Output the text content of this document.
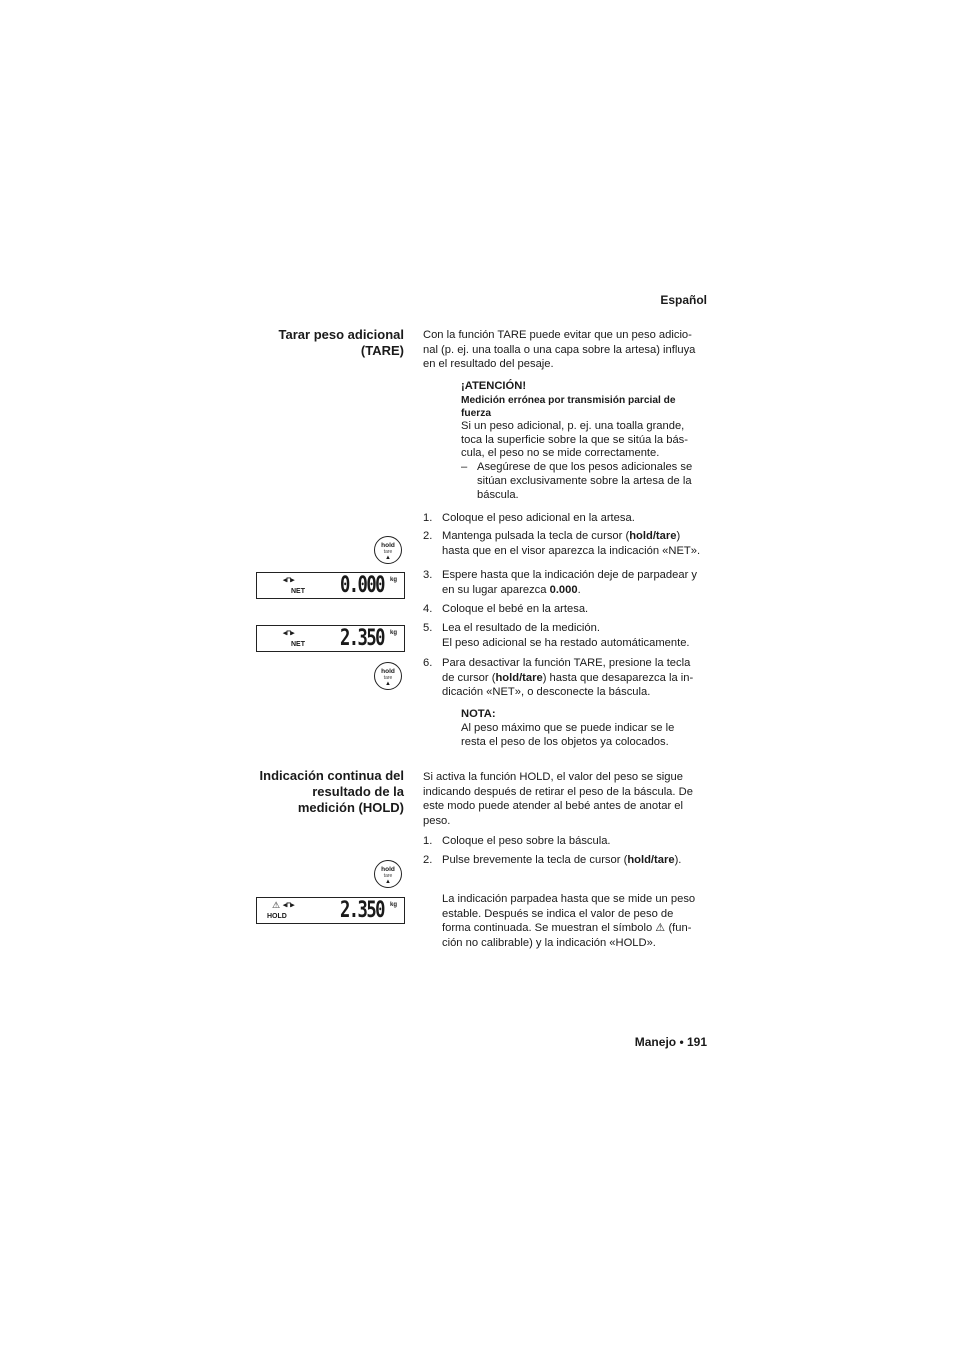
Español
Tarar peso adicional
(TARE)

Con la función TARE puede evitar que un peso adicio-

nal (p. ej. una toalla o una capa sobre la artesa) influya

en el resultado del pesaje.

¡ATENCIÓN!
Medición errónea por transmisión parcial de
fuerza
Si un peso adicional, p. ej. una toalla grande,
toca la superficie sobre la que se sitúa la bás-
cula, el peso no se mide correctamente.
– Asegúrese de que los pesos adicionales se
sitúan exclusivamente sobre la artesa de la
báscula.
1. Coloque el peso adicional en la artesa.
2. Mantenga pulsada la tecla de cursor (hold/tare)
hasta que en el visor aparezca la indicación «NET».
3. Espere hasta que la indicación deje de parpadear y
en su lugar aparezca 0.000.
4. Coloque el bebé en la artesa.
5. Lea el resultado de la medición.
El peso adicional se ha restado automáticamente.
6. Para desactivar la función TARE, presione la tecla
de cursor (hold/tare) hasta que desaparezca la in-
dicación «NET», o desconecte la báscula.
NOTA:
Al peso máximo que se puede indicar se le
resta el peso de los objetos ya colocados.
hold
tare
▲
◂⊓▸
NET 0.000 kg
◂⊓▸
NET 2.350 kg
hold
tare
▲
Indicación continua del
resultado de la
medición (HOLD)

Si activa la función HOLD, el valor del peso se sigue

indicando después de retirar el peso de la báscula. De

este modo puede atender al bebé antes de anotar el

peso.

1. Coloque el peso sobre la báscula.
2. Pulse brevemente la tecla de cursor (hold/tare).
hold
tare
▲
⚠ ◂⊓▸
HOLD 2.350 kg	La indicación parpadea hasta que se mide un peso

estable. Después se indica el valor de peso de

forma continuada. Se muestran el símbolo ⚠ (fun-

ción no calibrable) y la indicación «HOLD».

Manejo • 191
